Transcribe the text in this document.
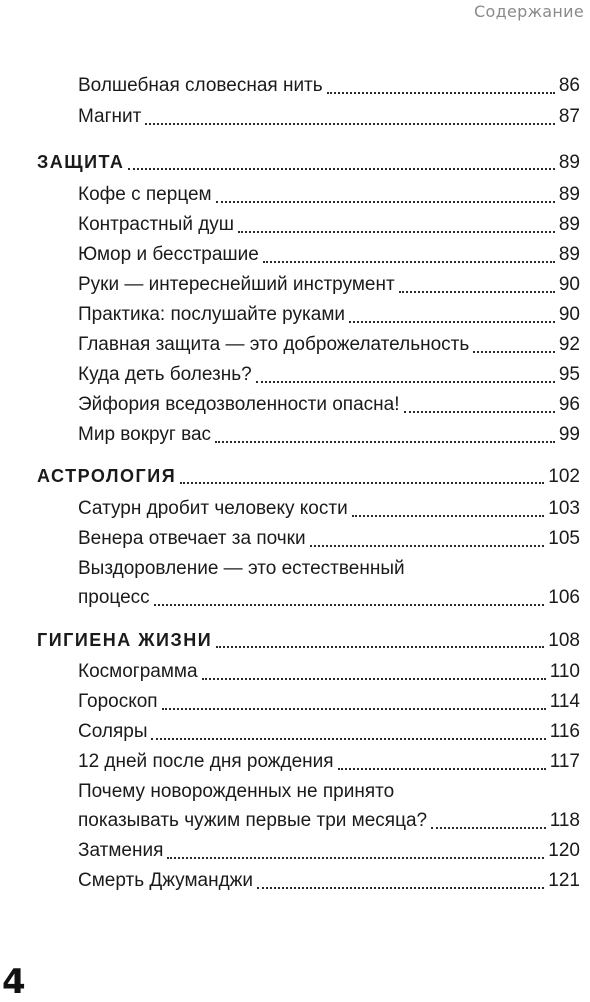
Содержание
Волшебная словесная нить	86
Магнит	87
ЗАЩИТА	89
Кофе с перцем	89
Контрастный душ	89
Юмор и бесстрашие	89
Руки — интереснейший инструмент	90
Практика: послушайте руками	90
Главная защита — это доброжелательность	92
Куда деть болезнь?	95
Эйфория вседозволенности опасна!	96
Мир вокруг вас	99
АСТРОЛОГИЯ	102
Сатурн дробит человеку кости	103
Венера отвечает за почки	105
Выздоровление — это естественный
процесс	106
ГИГИЕНА ЖИЗНИ	108
Космограмма	110
Гороскоп	114
Соляры	116
12 дней после дня рождения	117
Почему новорожденных не принято
показывать чужим первые три месяца?	118
Затмения	120
Смерть Джуманджи	121
4
